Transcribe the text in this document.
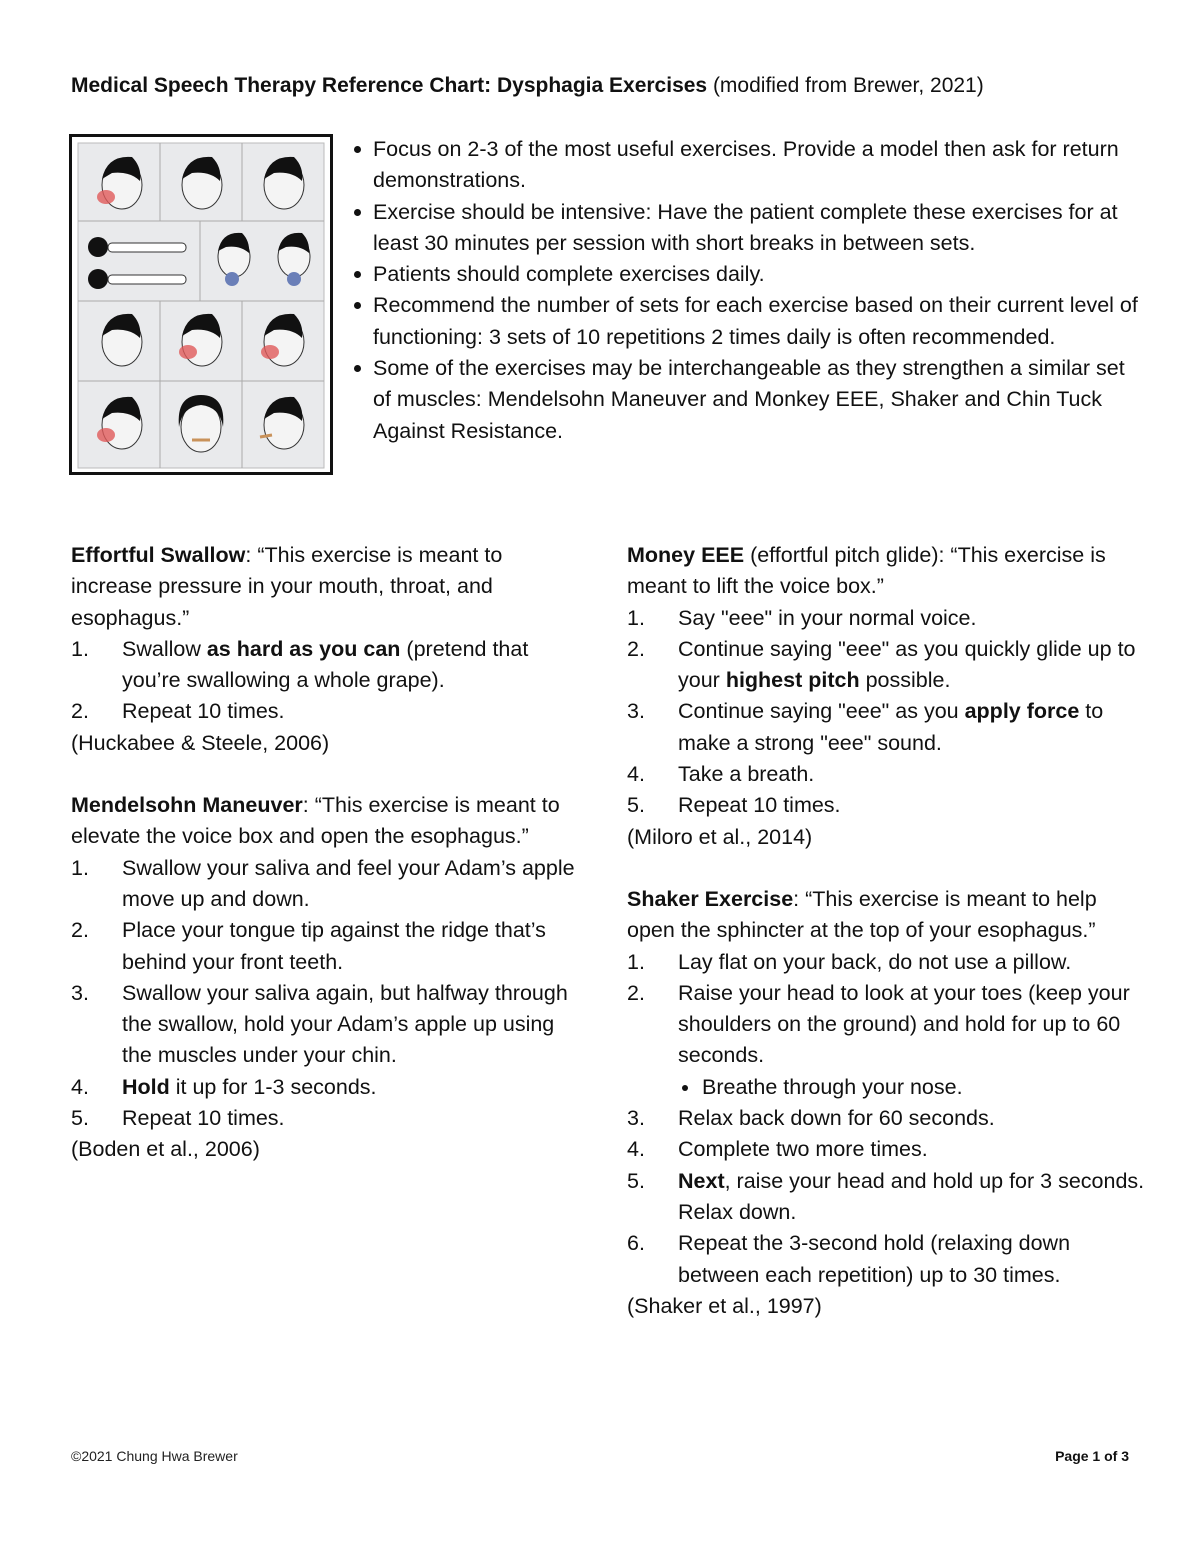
Medical Speech Therapy Reference Chart: Dysphagia Exercises (modified from Brewer, 2021)
Focus on 2-3 of the most useful exercises. Provide a model then ask for return demonstrations.
Exercise should be intensive: Have the patient complete these exercises for at least 30 minutes per session with short breaks in between sets.
Patients should complete exercises daily.
Recommend the number of sets for each exercise based on their current level of functioning: 3 sets of 10 repetitions 2 times daily is often recommended.
Some of the exercises may be interchangeable as they strengthen a similar set of muscles: Mendelsohn Maneuver and Monkey EEE, Shaker and Chin Tuck Against Resistance.
Effortful Swallow: “This exercise is meant to increase pressure in your mouth, throat, and esophagus.”
1. Swallow as hard as you can (pretend that you’re swallowing a whole grape).
2. Repeat 10 times.
(Huckabee & Steele, 2006)
Mendelsohn Maneuver: “This exercise is meant to elevate the voice box and open the esophagus.”
1. Swallow your saliva and feel your Adam’s apple move up and down.
2. Place your tongue tip against the ridge that’s behind your front teeth.
3. Swallow your saliva again, but halfway through the swallow, hold your Adam’s apple up using the muscles under your chin.
4. Hold it up for 1-3 seconds.
5. Repeat 10 times.
(Boden et al., 2006)
Money EEE (effortful pitch glide): “This exercise is meant to lift the voice box.”
1. Say "eee" in your normal voice.
2. Continue saying "eee" as you quickly glide up to your highest pitch possible.
3. Continue saying "eee" as you apply force to make a strong "eee" sound.
4. Take a breath.
5. Repeat 10 times.
(Miloro et al., 2014)
Shaker Exercise: “This exercise is meant to help open the sphincter at the top of your esophagus.”
1. Lay flat on your back, do not use a pillow.
2. Raise your head to look at your toes (keep your shoulders on the ground) and hold for up to 60 seconds.
Breathe through your nose.
3. Relax back down for 60 seconds.
4. Complete two more times.
5. Next, raise your head and hold up for 3 seconds. Relax down.
6. Repeat the 3-second hold (relaxing down between each repetition) up to 30 times.
(Shaker et al., 1997)
©2021 Chung Hwa Brewer	Page 1 of 3
